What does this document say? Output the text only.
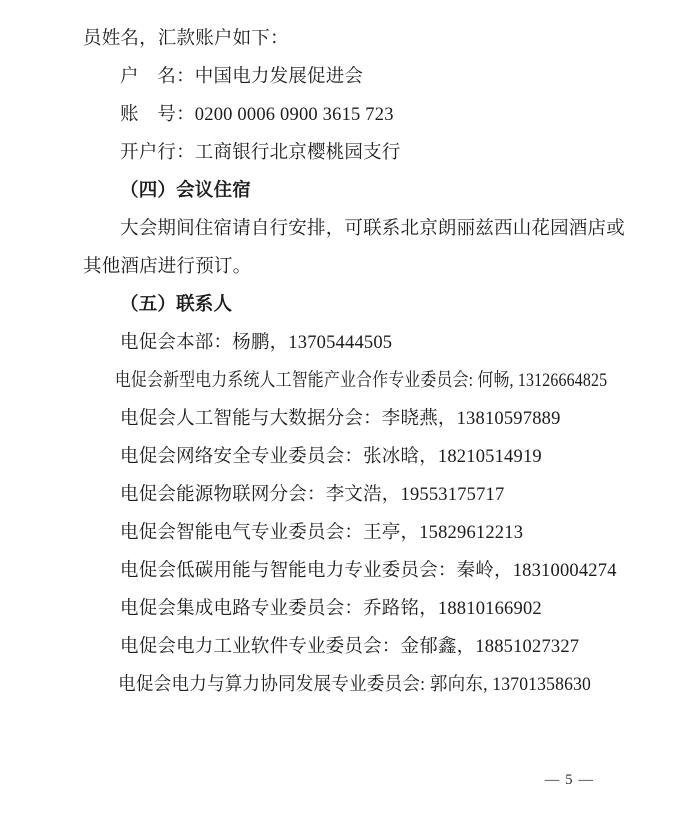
员姓名，汇款账户如下：

户　名：中国电力发展促进会

账　号：0200 0006 0900 3615 723

开户行：工商银行北京樱桃园支行

（四）会议住宿

大会期间住宿请自行安排，可联系北京朗丽兹西山花园酒店或

其他酒店进行预订。

（五）联系人

电促会本部：杨鹏，13705444505

电促会新型电力系统人工智能产业合作专业委员会: 何畅, 13126664825

电促会人工智能与大数据分会：李晓燕，13810597889

电促会网络安全专业委员会：张冰晗，18210514919

电促会能源物联网分会：李文浩，19553175717

电促会智能电气专业委员会：王亭，15829612213

电促会低碳用能与智能电力专业委员会：秦岭，18310004274

电促会集成电路专业委员会：乔路铭，18810166902

电促会电力工业软件专业委员会：金郁鑫，18851027327

电促会电力与算力协同发展专业委员会: 郭向东, 13701358630

— 5 —
